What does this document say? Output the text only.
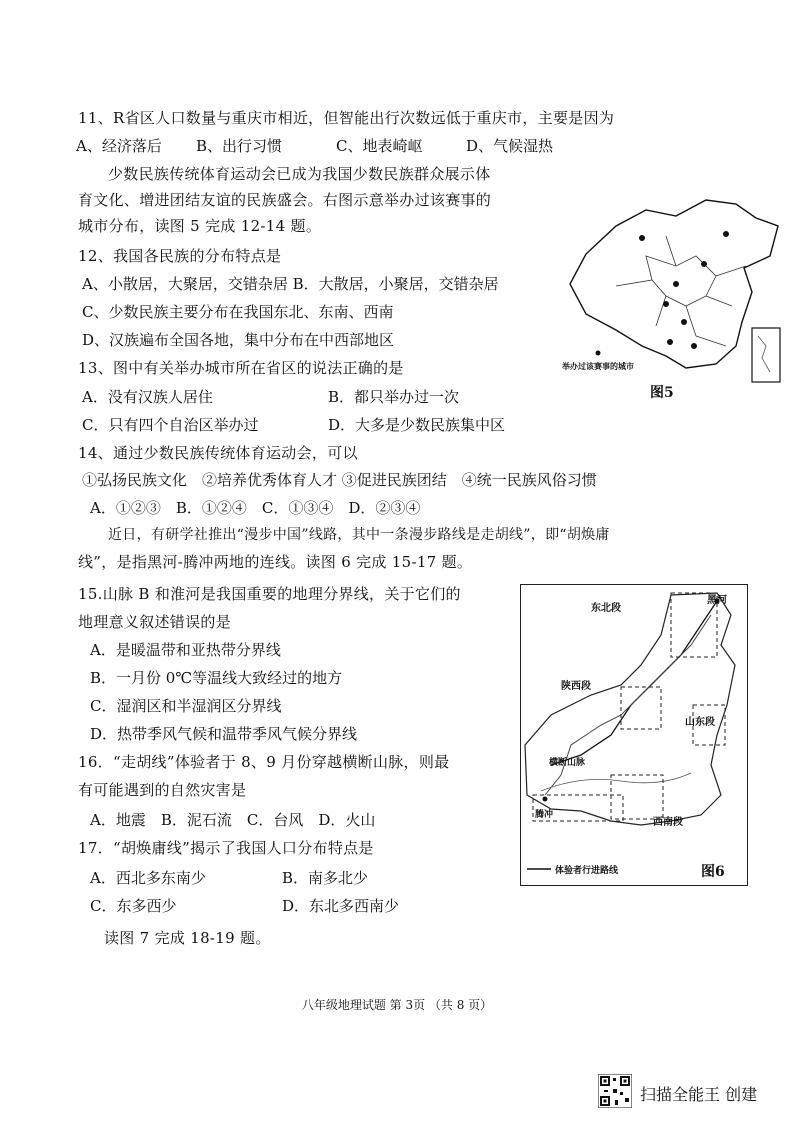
11、R省区人口数量与重庆市相近，但智能出行次数远低于重庆市，主要是因为
A、经济落后 B、出行习惯	C、地表崎岖	D、气候湿热
少数民族传统体育运动会已成为我国少数民族群众展示体
育文化、增进团结友谊的民族盛会。右图示意举办过该赛事的
城市分布，读图 5 完成 12-14 题。
12、我国各民族的分布特点是
A、小散居，大聚居，交错杂居 B．大散居，小聚居，交错杂居
C、少数民族主要分布在我国东北、东南、西南
D、汉族遍布全国各地，集中分布在中西部地区
13、图中有关举办城市所在省区的说法正确的是
A．没有汉族人居住	B．都只举办过一次
C．只有四个自治区举办过	D．大多是少数民族集中区
14、通过少数民族传统体育运动会，可以
①弘扬民族文化　②培养优秀体育人才 ③促进民族团结　④统一民族风俗习惯
A．①②③　B．①②④　C．①③④　D．②③④
近日，有研学社推出“漫步中国”线路，其中一条漫步路线是走胡线”，即“胡焕庸
线”，是指黑河-腾冲两地的连线。读图 6 完成 15-17 题。
15.山脉 B 和淮河是我国重要的地理分界线，关于它们的
地理意义叙述错误的是
A．是暖温带和亚热带分界线
B．一月份 0℃等温线大致经过的地方
C．湿润区和半湿润区分界线
D．热带季风气候和温带季风气候分界线
16．“走胡线”体验者于 8、9 月份穿越横断山脉，则最
有可能遇到的自然灾害是
A．地震　B．泥石流　C．台风　D．火山
17．“胡焕庸线”揭示了我国人口分布特点是
A．西北多东南少	B．南多北少
C．东多西少	D．东北多西南少
读图 7 完成 18-19 题。
举办过该赛事的城市
图5
东北段
黑河
陕西段
山东段
西南段
横断山脉
腾冲
体验者行进路线	图6
八年级地理试题 第 3页 （共 8 页）
扫描全能王 创建
